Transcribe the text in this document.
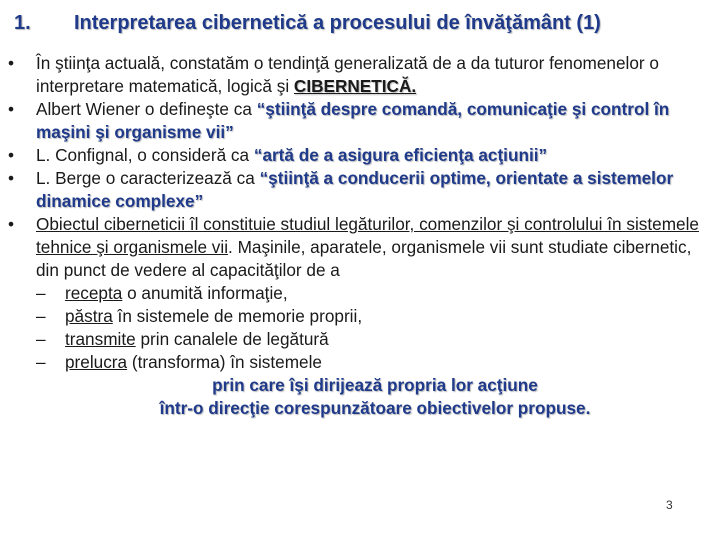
1. Interpretarea cibernetică a procesului de învăţământ (1)
• În ştiinţa actuală, constatăm o tendinţă generalizată de a da tuturor fenomenelor o interpretare matematică, logică şi CIBERNETICĂ.
• Albert Wiener o defineşte ca “ştiinţă despre comandă, comunicaţie şi control în maşini şi organisme vii”
• L. Confignal, o consideră ca “artă de a asigura eficienţa acţiunii”
• L. Berge o caracterizează ca “ştiinţă a conducerii optime, orientate a sistemelor dinamice complexe”
• Obiectul ciberneticii îl constituie studiul legăturilor, comenzilor şi controlului în sistemele tehnice şi organismele vii. Maşinile, aparatele, organismele vii sunt studiate cibernetic, din punct de vedere al capacităţilor de a
– recepta o anumită informaţie,
– păstra în sistemele de memorie proprii,
– transmite prin canalele de legătură
– prelucra (transforma) în sistemele
prin care îşi dirijează propria lor acţiune
într-o direcţie corespunzătoare obiectivelor propuse.
3
